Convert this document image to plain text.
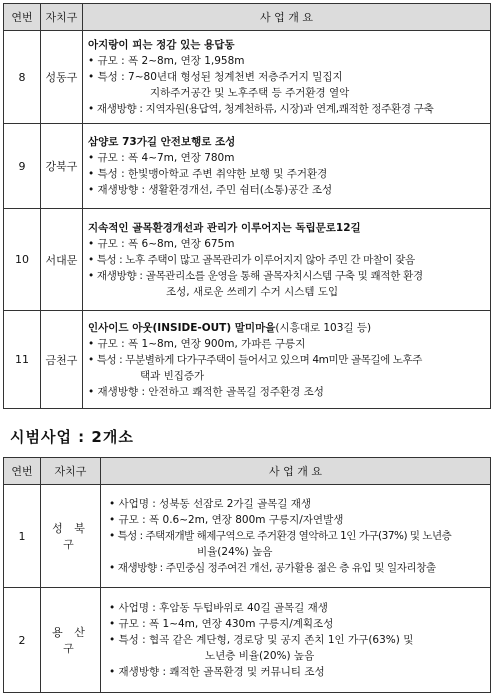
연번	자치구	사 업 개 요
8	성동구	아지랑이 피는 정감 있는 용답동
• 규모 : 폭 2~8m, 연장 1,958m
• 특성 : 7~80년대 형성된 청계천변 저층주거지 밀집지
지하주거공간 및 노후주택 등 주거환경 열악
• 재생방향 : 지역자원(용답역, 청계천하류, 시장)과 연계,쾌적한 정주환경 구축

9	강북구	삼양로 73가길 안전보행로 조성
• 규모 : 폭 4~7m, 연장 780m
• 특성 : 한빛맹아학교 주변 취약한 보행 및 주거환경
• 재생방향 : 생활환경개선, 주민 쉼터(소통)공간 조성

10	서대문	지속적인 골목환경개선과 관리가 이루어지는 독립문로12길
• 규모 : 폭 6~8m, 연장 675m
• 특성 : 노후 주택이 많고 골목관리가 이루어지지 않아 주민 간 마찰이 잦음
• 재생방향 : 골목관리소를 운영을 통해 골목자치시스템 구축 및 쾌적한 환경
조성, 새로운 쓰레기 수거 시스템 도입

11	금천구	인사이드 아웃(INSIDE-OUT) 말미마을(시흥대로 103길 등)
• 규모 : 폭 1~8m, 연장 900m, 가파른 구릉지
• 특성 : 무분별하게 다가구주택이 들어서고 있으며 4m미만 골목길에 노후주
택과 빈집증가
• 재생방향 : 안전하고 쾌적한 골목길 정주환경 조성
시범사업 : 2개소
연번	자치구	사 업 개 요
1	성 북 구	• 사업명 : 성북동 선잠로 2가길 골목길 재생
• 규모 : 폭 0.6~2m, 연장 800m 구릉지/자연발생
• 특성 : 주택재개발 해제구역으로 주거환경 열악하고 1인 가구(37%) 및 노년층
비율(24%) 높음
• 재생방향 : 주민중심 정주여건 개선, 공가활용 젊은 층 유입 및 일자리창출

2	용 산 구	• 사업명 : 후암동 두텁바위로 40길 골목길 재생
• 규모 : 폭 1~4m, 연장 430m 구릉지/계획조성
• 특성 : 협곡 같은 계단형, 경로당 및 공지 존치 1인 가구(63%) 및
노년층 비율(20%) 높음
• 재생방향 : 쾌적한 골목환경 및 커뮤니티 조성
